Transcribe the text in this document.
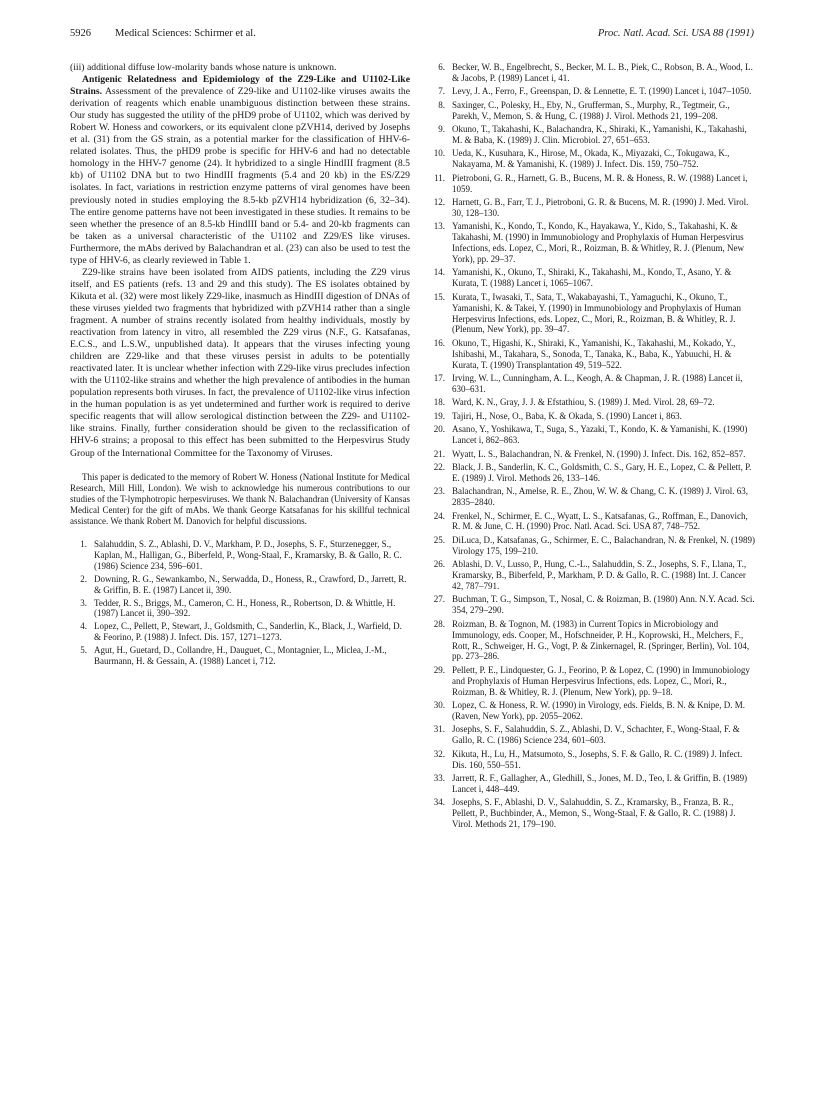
5926 Medical Sciences: Schirmer et al.	Proc. Natl. Acad. Sci. USA 88 (1991)

(iii) additional diffuse low-molarity bands whose nature is unknown.

Antigenic Relatedness and Epidemiology of the Z29-Like and U1102-Like Strains. Assessment of the prevalence of Z29-like and U1102-like viruses awaits the derivation of reagents which enable unambiguous distinction between these strains. Our study has suggested the utility of the pHD9 probe of U1102, which was derived by Robert W. Honess and coworkers, or its equivalent clone pZVH14, derived by Josephs et al. (31) from the GS strain, as a potential marker for the classification of HHV-6-related isolates. Thus, the pHD9 probe is specific for HHV-6 and had no detectable homology in the HHV-7 genome (24). It hybridized to a single HindIII fragment (8.5 kb) of U1102 DNA but to two HindIII fragments (5.4 and 20 kb) in the ES/Z29 isolates. In fact, variations in restriction enzyme patterns of viral genomes have been previously noted in studies employing the 8.5-kb pZVH14 hybridization (6, 32–34). The entire genome patterns have not been investigated in these studies. It remains to be seen whether the presence of an 8.5-kb HindIII band or 5.4- and 20-kb fragments can be taken as a universal characteristic of the U1102 and Z29/ES like viruses. Furthermore, the mAbs derived by Balachandran et al. (23) can also be used to test the type of HHV-6, as clearly reviewed in Table 1.

Z29-like strains have been isolated from AIDS patients, including the Z29 virus itself, and ES patients (refs. 13 and 29 and this study). The ES isolates obtained by Kikuta et al. (32) were most likely Z29-like, inasmuch as HindIII digestion of DNAs of these viruses yielded two fragments that hybridized with pZVH14 rather than a single fragment. A number of strains recently isolated from healthy individuals, mostly by reactivation from latency in vitro, all resembled the Z29 virus (N.F., G. Katsafanas, E.C.S., and L.S.W., unpublished data). It appears that the viruses infecting young children are Z29-like and that these viruses persist in adults to be potentially reactivated later. It is unclear whether infection with Z29-like virus precludes infection with the U1102-like strains and whether the high prevalence of antibodies in the human population represents both viruses. In fact, the prevalence of U1102-like virus infection in the human population is as yet undetermined and further work is required to derive specific reagents that will allow serological distinction between the Z29- and U1102-like strains. Finally, further consideration should be given to the reclassification of HHV-6 strains; a proposal to this effect has been submitted to the Herpesvirus Study Group of the International Committee for the Taxonomy of Viruses.

This paper is dedicated to the memory of Robert W. Honess (National Institute for Medical Research, Mill Hill, London). We wish to acknowledge his numerous contributions to our studies of the T-lymphotropic herpesviruses. We thank N. Balachandran (University of Kansas Medical Center) for the gift of mAbs. We thank George Katsafanas for his skillful technical assistance. We thank Robert M. Danovich for helpful discussions.

1. Salahuddin, S. Z., Ablashi, D. V., Markham, P. D., Josephs, S. F., Sturzenegger, S., Kaplan, M., Halligan, G., Biberfeld, P., Wong-Staal, F., Kramarsky, B. & Gallo, R. C. (1986) Science 234, 596–601.
2. Downing, R. G., Sewankambo, N., Serwadda, D., Honess, R., Crawford, D., Jarrett, R. & Griffin, B. E. (1987) Lancet ii, 390.
3. Tedder, R. S., Briggs, M., Cameron, C. H., Honess, R., Robertson, D. & Whittle, H. (1987) Lancet ii, 390–392.
4. Lopez, C., Pellett, P., Stewart, J., Goldsmith, C., Sanderlin, K., Black, J., Warfield, D. & Feorino, P. (1988) J. Infect. Dis. 157, 1271–1273.
5. Agut, H., Guetard, D., Collandre, H., Dauguet, C., Montagnier, L., Miclea, J.-M., Baurmann, H. & Gessain, A. (1988) Lancet i, 712.
6. Becker, W. B., Engelbrecht, S., Becker, M. L. B., Piek, C., Robson, B. A., Wood, L. & Jacobs, P. (1989) Lancet i, 41.
7. Levy, J. A., Ferro, F., Greenspan, D. & Lennette, E. T. (1990) Lancet i, 1047–1050.
8. Saxinger, C., Polesky, H., Eby, N., Grufferman, S., Murphy, R., Tegtmeir, G., Parekh, V., Memon, S. & Hung, C. (1988) J. Virol. Methods 21, 199–208.
9. Okuno, T., Takahashi, K., Balachandra, K., Shiraki, K., Yamanishi, K., Takahashi, M. & Baba, K. (1989) J. Clin. Microbiol. 27, 651–653.
10. Ueda, K., Kusuhara, K., Hirose, M., Okada, K., Miyazaki, C., Tokugawa, K., Nakayama, M. & Yamanishi, K. (1989) J. Infect. Dis. 159, 750–752.
11. Pietroboni, G. R., Harnett, G. B., Bucens, M. R. & Honess, R. W. (1988) Lancet i, 1059.
12. Harnett, G. B., Farr, T. J., Pietroboni, G. R. & Bucens, M. R. (1990) J. Med. Virol. 30, 128–130.
13. Yamanishi, K., Kondo, T., Kondo, K., Hayakawa, Y., Kido, S., Takahashi, K. & Takahashi, M. (1990) in Immunobiology and Prophylaxis of Human Herpesvirus Infections, eds. Lopez, C., Mori, R., Roizman, B. & Whitley, R. J. (Plenum, New York), pp. 29–37.
14. Yamanishi, K., Okuno, T., Shiraki, K., Takahashi, M., Kondo, T., Asano, Y. & Kurata, T. (1988) Lancet i, 1065–1067.
15. Kurata, T., Iwasaki, T., Sata, T., Wakabayashi, T., Yamaguchi, K., Okuno, T., Yamanishi, K. & Takei, Y. (1990) in Immunobiology and Prophylaxis of Human Herpesvirus Infections, eds. Lopez, C., Mori, R., Roizman, B. & Whitley, R. J. (Plenum, New York), pp. 39–47.
16. Okuno, T., Higashi, K., Shiraki, K., Yamanishi, K., Takahashi, M., Kokado, Y., Ishibashi, M., Takahara, S., Sonoda, T., Tanaka, K., Baba, K., Yabuuchi, H. & Kurata, T. (1990) Transplantation 49, 519–522.
17. Irving, W. L., Cunningham, A. L., Keogh, A. & Chapman, J. R. (1988) Lancet ii, 630–631.
18. Ward, K. N., Gray, J. J. & Efstathiou, S. (1989) J. Med. Virol. 28, 69–72.
19. Tajiri, H., Nose, O., Baba, K. & Okada, S. (1990) Lancet i, 863.
20. Asano, Y., Yoshikawa, T., Suga, S., Yazaki, T., Kondo, K. & Yamanishi, K. (1990) Lancet i, 862–863.
21. Wyatt, L. S., Balachandran, N. & Frenkel, N. (1990) J. Infect. Dis. 162, 852–857.
22. Black, J. B., Sanderlin, K. C., Goldsmith, C. S., Gary, H. E., Lopez, C. & Pellett, P. E. (1989) J. Virol. Methods 26, 133–146.
23. Balachandran, N., Amelse, R. E., Zhou, W. W. & Chang, C. K. (1989) J. Virol. 63, 2835–2840.
24. Frenkel, N., Schirmer, E. C., Wyatt, L. S., Katsafanas, G., Roffman, E., Danovich, R. M. & June, C. H. (1990) Proc. Natl. Acad. Sci. USA 87, 748–752.
25. DiLuca, D., Katsafanas, G., Schirmer, E. C., Balachandran, N. & Frenkel, N. (1989) Virology 175, 199–210.
26. Ablashi, D. V., Lusso, P., Hung, C.-L., Salahuddin, S. Z., Josephs, S. F., Llana, T., Kramarsky, B., Biberfeld, P., Markham, P. D. & Gallo, R. C. (1988) Int. J. Cancer 42, 787–791.
27. Buchman, T. G., Simpson, T., Nosal, C. & Roizman, B. (1980) Ann. N.Y. Acad. Sci. 354, 279–290.
28. Roizman, B. & Tognon, M. (1983) in Current Topics in Microbiology and Immunology, eds. Cooper, M., Hofschneider, P. H., Koprowski, H., Melchers, F., Rott, R., Schweiger, H. G., Vogt, P. & Zinkernagel, R. (Springer, Berlin), Vol. 104, pp. 273–286.
29. Pellett, P. E., Lindquester, G. J., Feorino, P. & Lopez, C. (1990) in Immunobiology and Prophylaxis of Human Herpesvirus Infections, eds. Lopez, C., Mori, R., Roizman, B. & Whitley, R. J. (Plenum, New York), pp. 9–18.
30. Lopez, C. & Honess, R. W. (1990) in Virology, eds. Fields, B. N. & Knipe, D. M. (Raven, New York), pp. 2055–2062.
31. Josephs, S. F., Salahuddin, S. Z., Ablashi, D. V., Schachter, F., Wong-Staal, F. & Gallo, R. C. (1986) Science 234, 601–603.
32. Kikuta, H., Lu, H., Matsumoto, S., Josephs, S. F. & Gallo, R. C. (1989) J. Infect. Dis. 160, 550–551.
33. Jarrett, R. F., Gallagher, A., Gledhill, S., Jones, M. D., Teo, I. & Griffin, B. (1989) Lancet i, 448–449.
34. Josephs, S. F., Ablashi, D. V., Salahuddin, S. Z., Kramarsky, B., Franza, B. R., Pellett, P., Buchbinder, A., Memon, S., Wong-Staal, F. & Gallo, R. C. (1988) J. Virol. Methods 21, 179–190.
